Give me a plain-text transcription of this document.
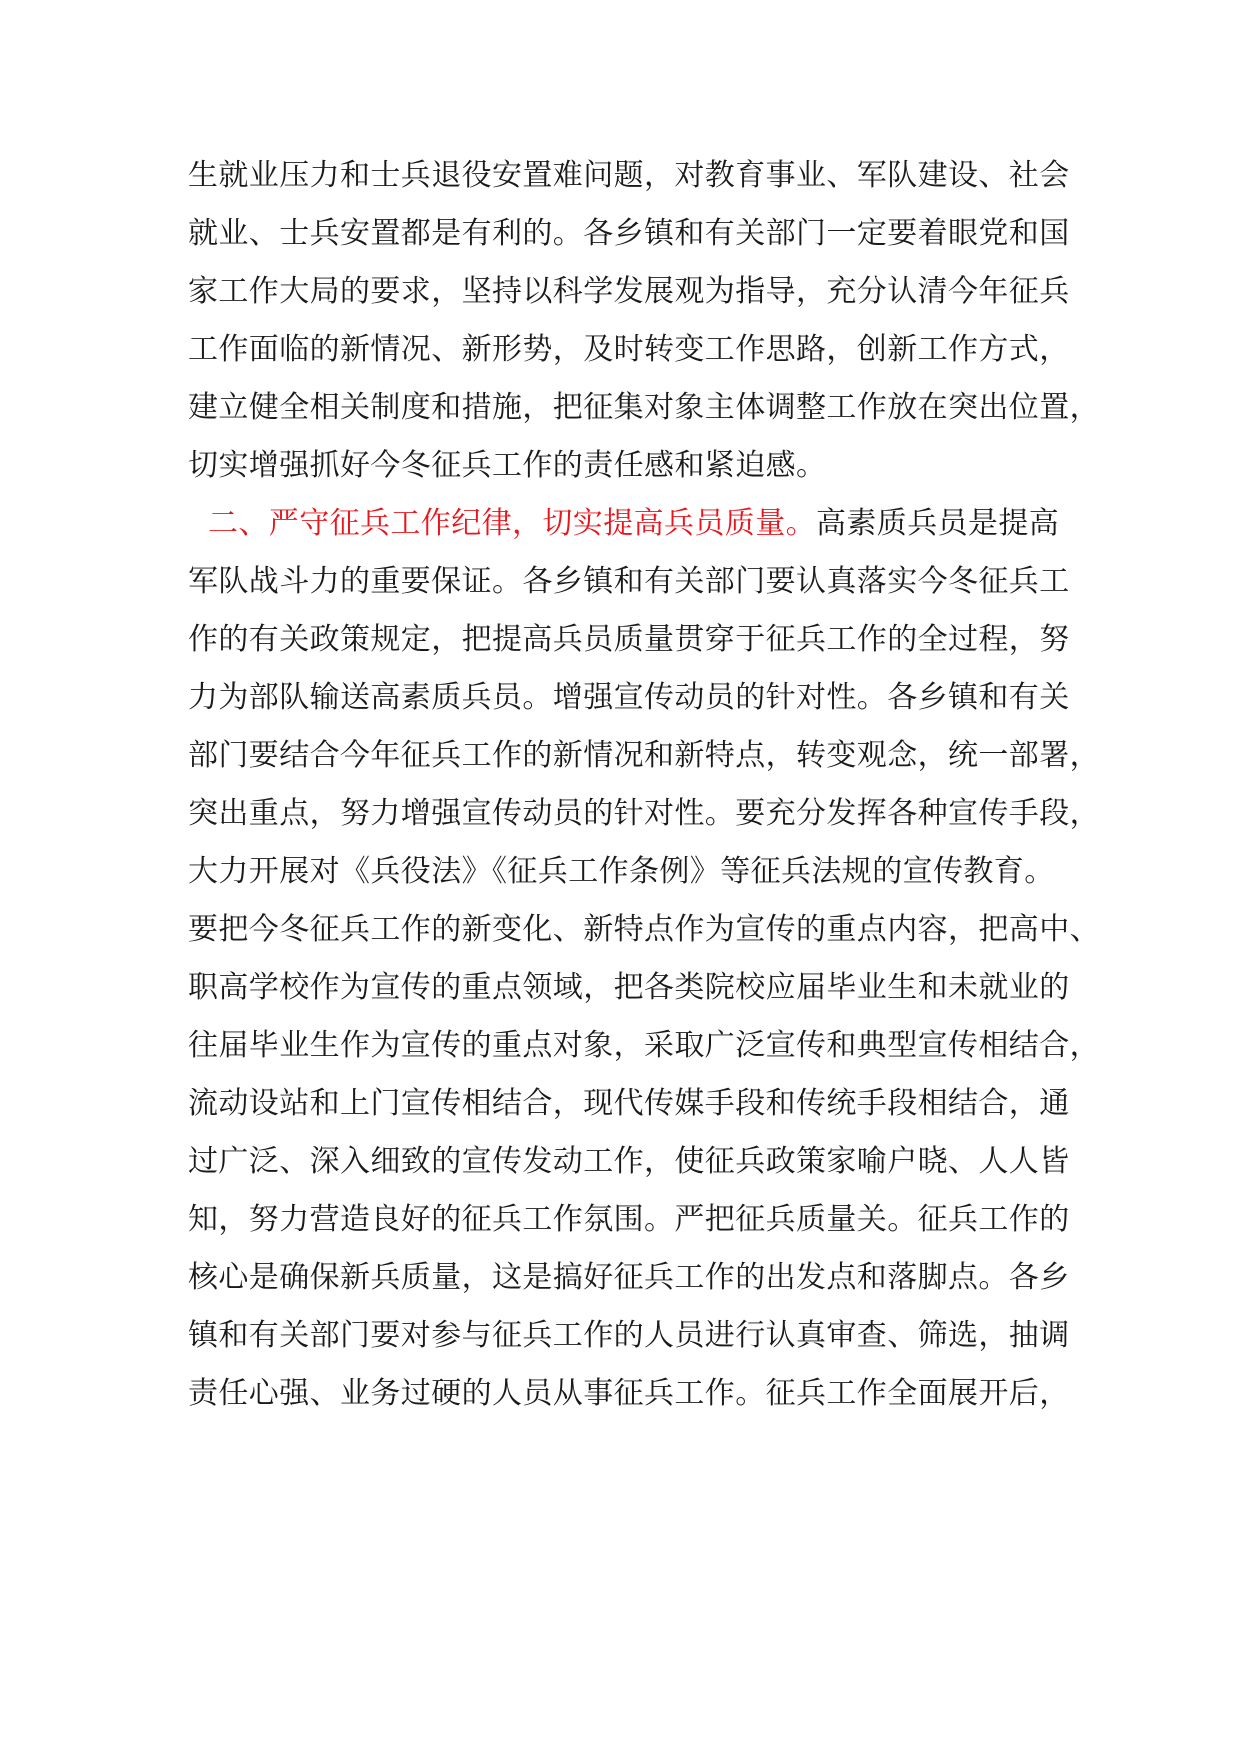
生就业压力和士兵退役安置难问题，对教育事业、军队建设、社会
就业、士兵安置都是有利的。各乡镇和有关部门一定要着眼党和国
家工作大局的要求，坚持以科学发展观为指导，充分认清今年征兵
工作面临的新情况、新形势，及时转变工作思路，创新工作方式，
建立健全相关制度和措施，把征集对象主体调整工作放在突出位置，
切实增强抓好今冬征兵工作的责任感和紧迫感。
二、严守征兵工作纪律，切实提高兵员质量。高素质兵员是提高
军队战斗力的重要保证。各乡镇和有关部门要认真落实今冬征兵工
作的有关政策规定，把提高兵员质量贯穿于征兵工作的全过程，努
力为部队输送高素质兵员。增强宣传动员的针对性。各乡镇和有关
部门要结合今年征兵工作的新情况和新特点，转变观念，统一部署，
突出重点，努力增强宣传动员的针对性。要充分发挥各种宣传手段，
大力开展对《兵役法》《征兵工作条例》等征兵法规的宣传教育。
要把今冬征兵工作的新变化、新特点作为宣传的重点内容，把高中、
职高学校作为宣传的重点领域，把各类院校应届毕业生和未就业的
往届毕业生作为宣传的重点对象，采取广泛宣传和典型宣传相结合，
流动设站和上门宣传相结合，现代传媒手段和传统手段相结合，通
过广泛、深入细致的宣传发动工作，使征兵政策家喻户晓、人人皆
知，努力营造良好的征兵工作氛围。严把征兵质量关。征兵工作的
核心是确保新兵质量，这是搞好征兵工作的出发点和落脚点。各乡
镇和有关部门要对参与征兵工作的人员进行认真审查、筛选，抽调
责任心强、业务过硬的人员从事征兵工作。征兵工作全面展开后，
